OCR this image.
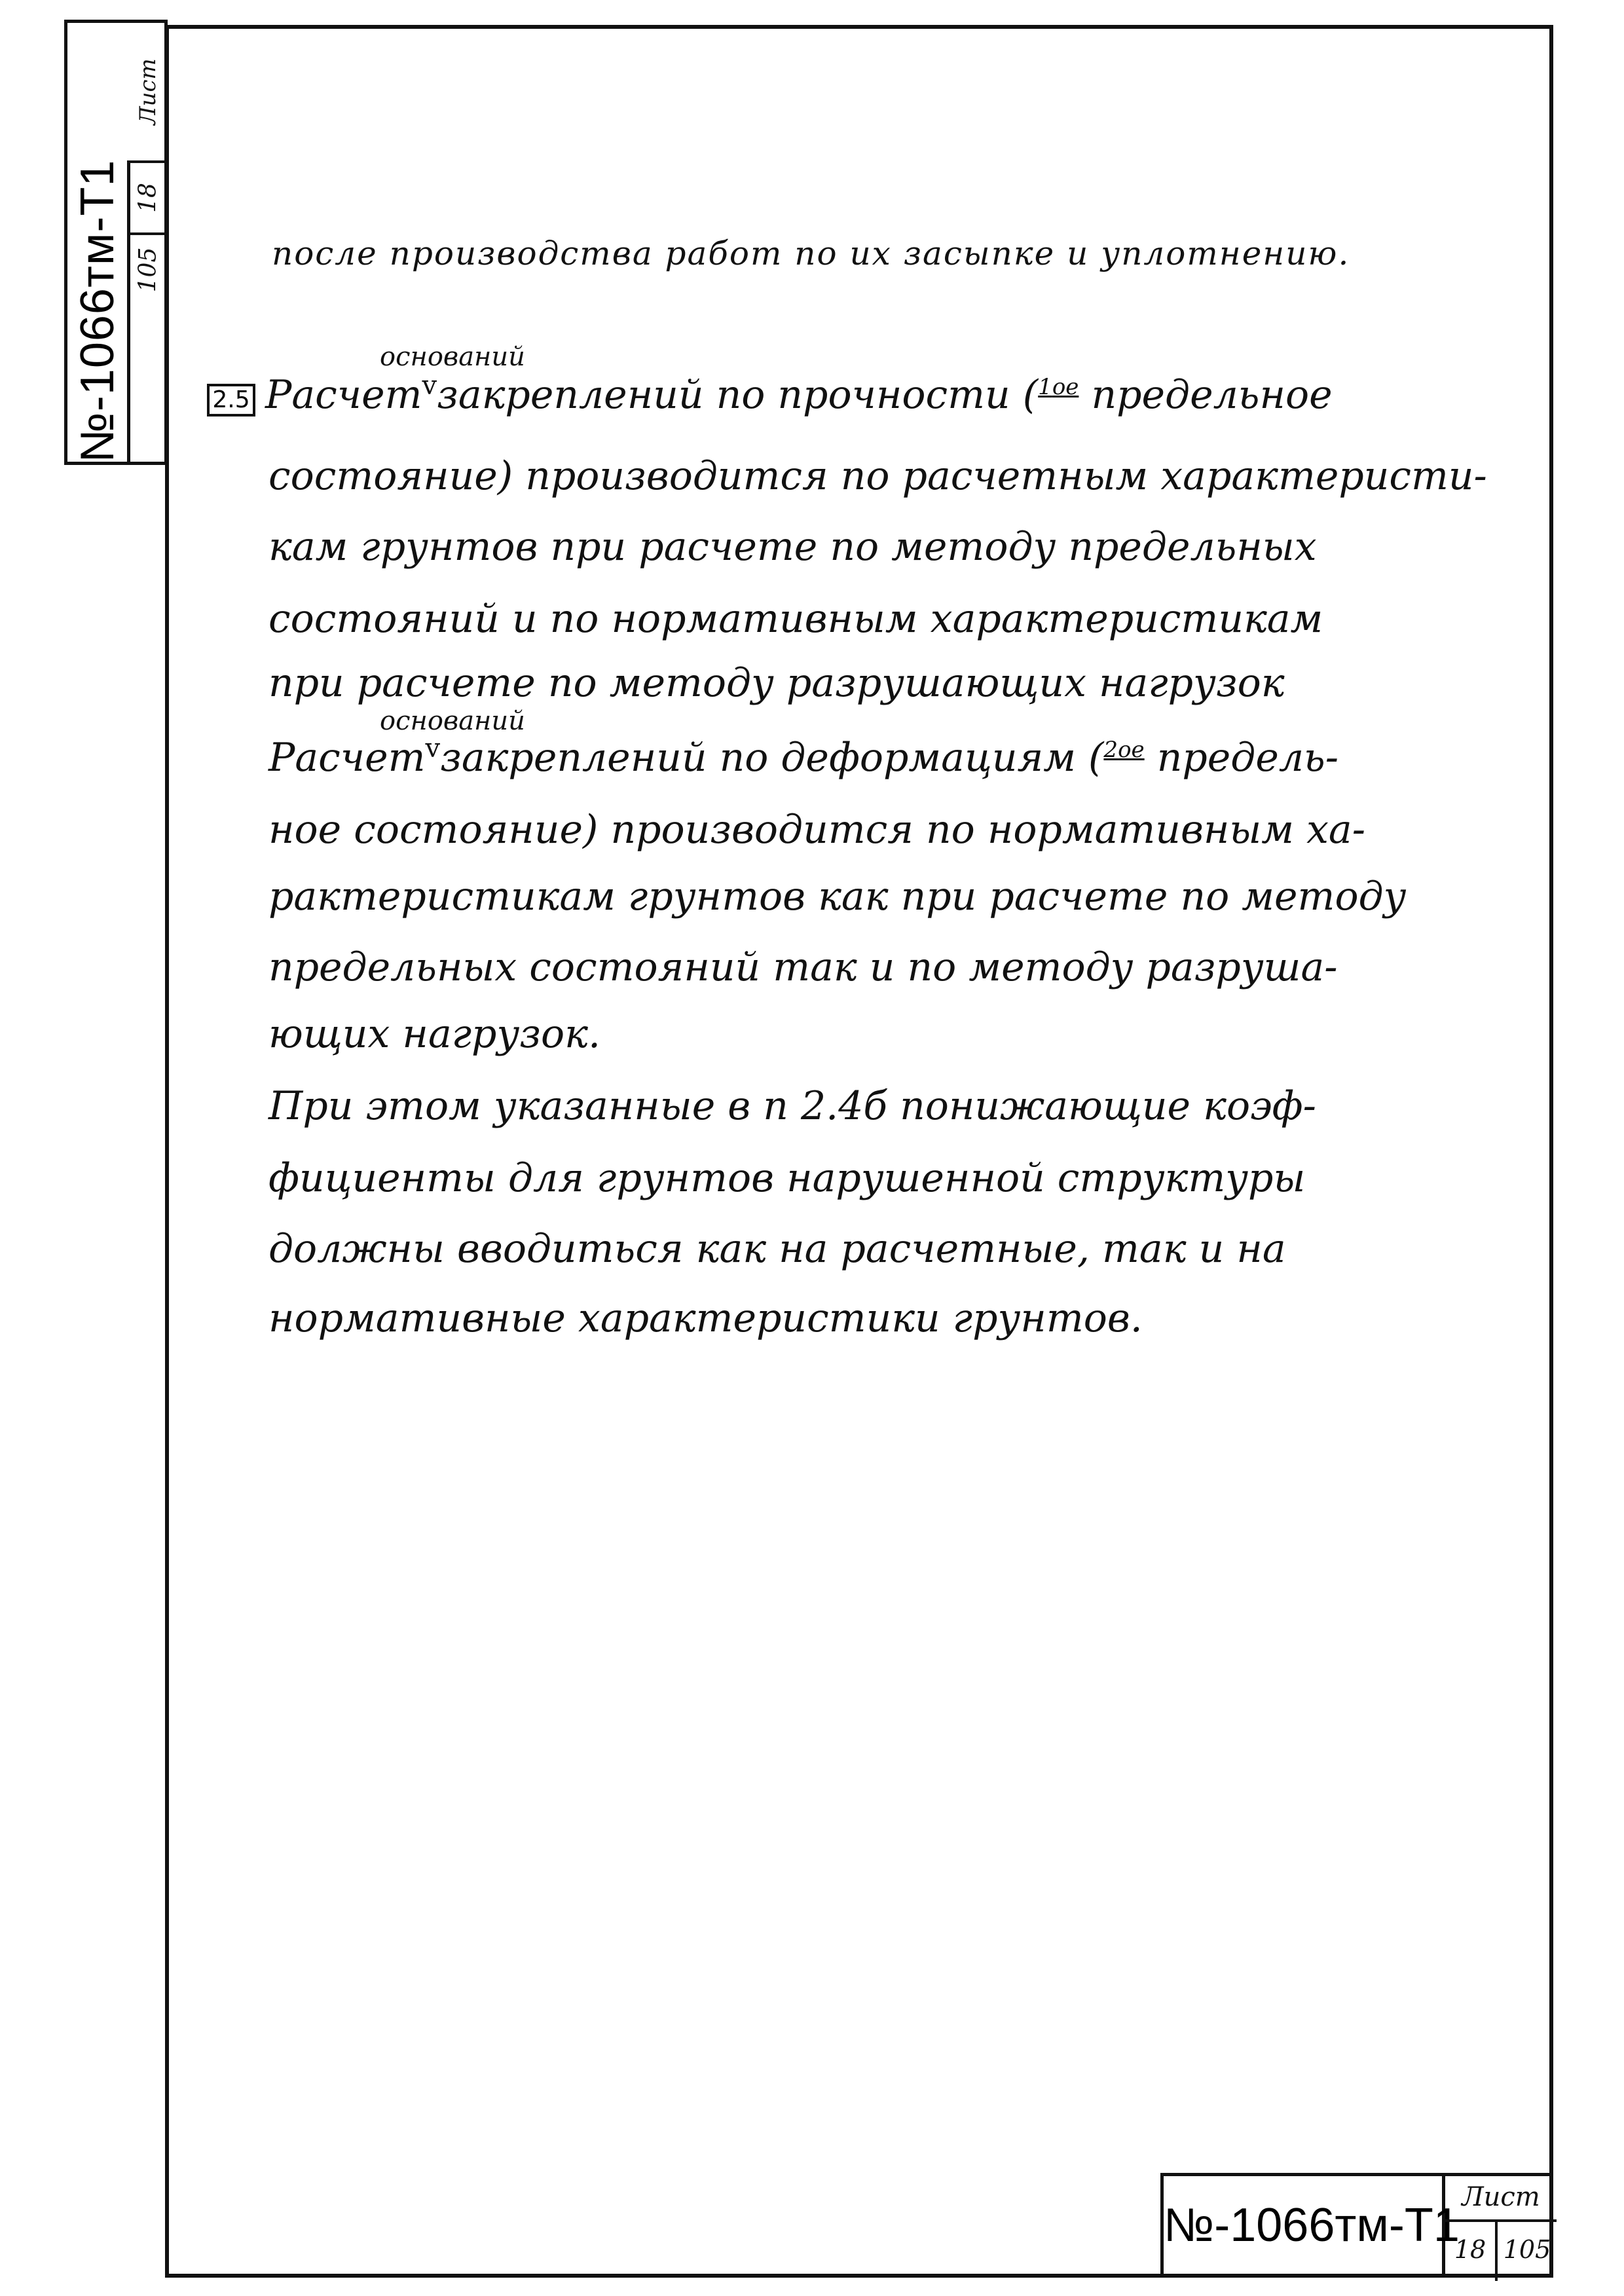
Лист
18
105
№-1066тм-Т1	после производства работ по их засыпке и уплотнению.
2.5
оснований
оснований
Расчет$^v$закреплений по прочности ($^{1ое}$ предельное
состояние) производится по расчетным характеристи-
кам грунтов при расчете по методу предельных
состояний и по нормативным характеристикам
при расчете по методу разрушающих нагрузок
Расчет$^v$закреплений по деформациям ($^{2ое}$ предель-
ное состояние) производится по нормативным ха-
рактеристикам грунтов как при расчете по методу
предельных состояний так и по методу разруша-
ющих нагрузок.
При этом указанные в п 2.4б понижающие коэф-
фициенты для грунтов нарушенной структуры
должны вводиться как на расчетные, так и на
нормативные характеристики грунтов.
№-1066тм-Т1
Лист
18 105
